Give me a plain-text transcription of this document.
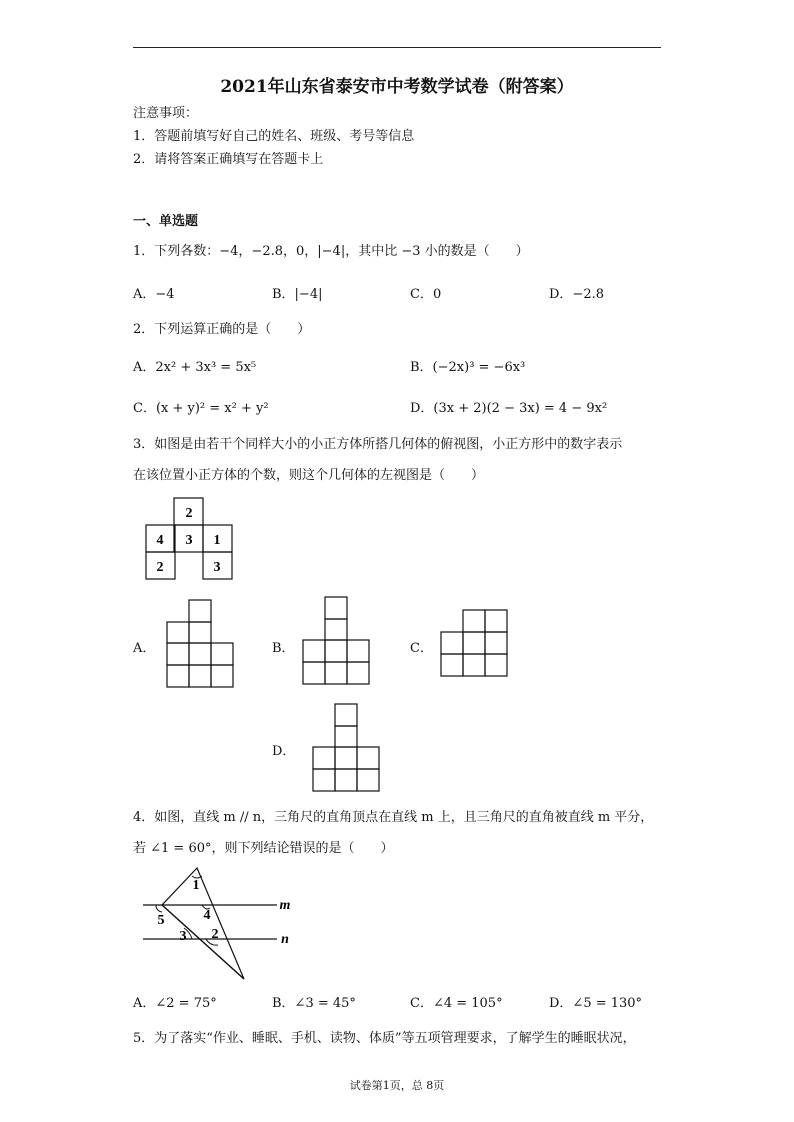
2021年山东省泰安市中考数学试卷（附答案）
注意事项：
1．答题前填写好自己的姓名、班级、考号等信息
2．请将答案正确填写在答题卡上
一、单选题
1．下列各数：−4，−2.8，0，|−4|，其中比 −3 小的数是（　　）
A．−4	B．|−4|	C．0	D．−2.8
2．下列运算正确的是（　　）
A．2x² + 3x³ = 5x⁵	B．(−2x)³ = −6x³
C．(x + y)² = x² + y²	D．(3x + 2)(2 − 3x) = 4 − 9x²
3．如图是由若干个同样大小的小正方体所搭几何体的俯视图，小正方形中的数字表示
在该位置小正方体的个数，则这个几何体的左视图是（　　）
2
4 3 1
2	3
A．	B．	C．
D．
4．如图，直线 m // n，三角尺的直角顶点在直线 m 上，且三角尺的直角被直线 m 平分，
若 ∠1 = 60°，则下列结论错误的是（　　）
1
4
5
3 2
m
n
A．∠2 = 75°	B．∠3 = 45°	C．∠4 = 105°	D．∠5 = 130°
5．为了落实“作业、睡眠、手机、读物、体质”等五项管理要求，了解学生的睡眠状况，
试卷第1页，总 8页
